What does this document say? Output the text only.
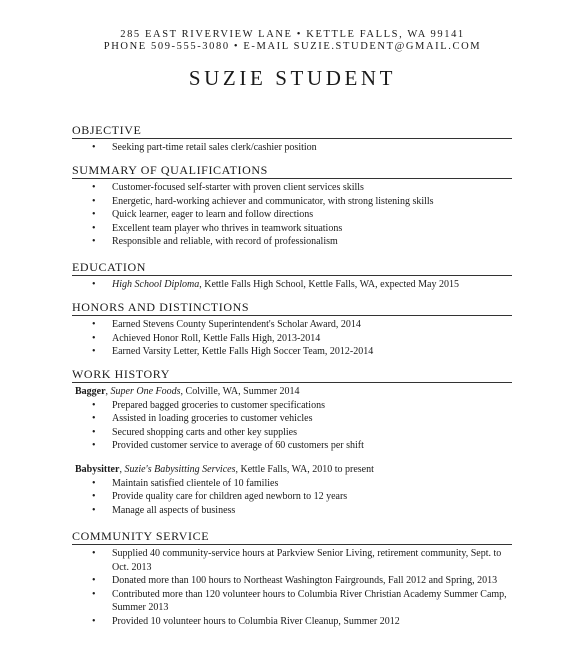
285 EAST RIVERVIEW LANE • KETTLE FALLS, WA 99141
PHONE 509-555-3080 • E-MAIL SUZIE.STUDENT@GMAIL.COM
SUZIE STUDENT
OBJECTIVE
• Seeking part-time retail sales clerk/cashier position
SUMMARY OF QUALIFICATIONS
• Customer-focused self-starter with proven client services skills
• Energetic, hard-working achiever and communicator, with strong listening skills
• Quick learner, eager to learn and follow directions
• Excellent team player who thrives in teamwork situations
• Responsible and reliable, with record of professionalism
EDUCATION
• High School Diploma, Kettle Falls High School, Kettle Falls, WA, expected May 2015
HONORS AND DISTINCTIONS
• Earned Stevens County Superintendent's Scholar Award, 2014
• Achieved Honor Roll, Kettle Falls High, 2013-2014
• Earned Varsity Letter, Kettle Falls High Soccer Team, 2012-2014
WORK HISTORY
Bagger, Super One Foods, Colville, WA, Summer 2014
• Prepared bagged groceries to customer specifications
• Assisted in loading groceries to customer vehicles
• Secured shopping carts and other key supplies
• Provided customer service to average of 60 customers per shift
Babysitter, Suzie's Babysitting Services, Kettle Falls, WA, 2010 to present
• Maintain satisfied clientele of 10 families
• Provide quality care for children aged newborn to 12 years
• Manage all aspects of business
COMMUNITY SERVICE
• Supplied 40 community-service hours at Parkview Senior Living, retirement community, Sept. to Oct. 2013
• Donated more than 100 hours to Northeast Washington Fairgrounds, Fall 2012 and Spring, 2013
• Contributed more than 120 volunteer hours to Columbia River Christian Academy Summer Camp, Summer 2013
• Provided 10 volunteer hours to Columbia River Cleanup, Summer 2012
